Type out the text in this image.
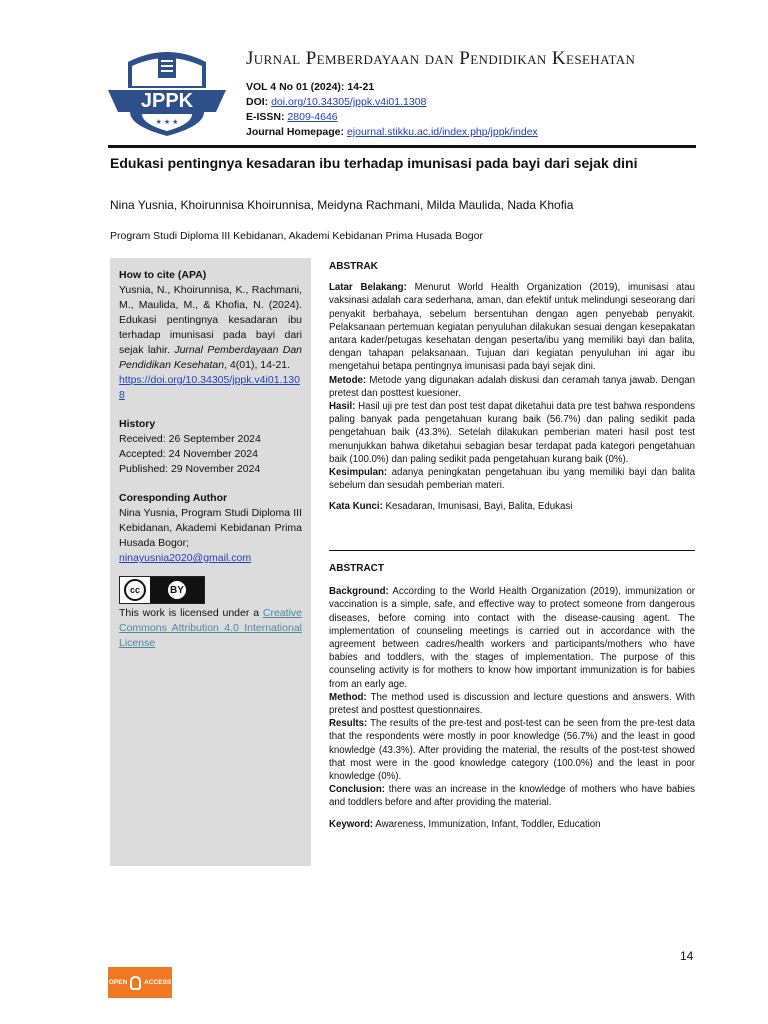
JPPK
★ ★ ★
Jurnal Pemberdayaan dan Pendidikan Kesehatan
VOL 4 No 01 (2024): 14-21
DOI: doi.org/10.34305/jppk.v4i01.1308
E-ISSN: 2809-4646
Journal Homepage: ejournal.stikku.ac.id/index.php/jppk/index
Edukasi pentingnya kesadaran ibu terhadap imunisasi pada bayi dari sejak dini
Nina Yusnia, Khoirunnisa Khoirunnisa, Meidyna Rachmani, Milda Maulida, Nada Khofia
Program Studi Diploma III Kebidanan, Akademi Kebidanan Prima Husada Bogor
How to cite (APA)
Yusnia, N., Khoirunnisa, K., Rachmani, M., Maulida, M., & Khofia, N. (2024). Edukasi pentingnya kesadaran ibu terhadap imunisasi pada bayi dari sejak lahir. Jurnal Pemberdayaan Dan Pendidikan Kesehatan, 4(01), 14-21.
https://doi.org/10.34305/jppk.v4i01.1308
History
Received: 26 September 2024
Accepted: 24 November 2024
Published: 29 November 2024
Coresponding Author
Nina Yusnia, Program Studi Diploma III Kebidanan, Akademi Kebidanan Prima Husada Bogor;
ninayusnia2020@gmail.com
cc	BY
This work is licensed under a Creative Commons Attribution 4.0 International License
ABSTRAK

Latar Belakang: Menurut World Health Organization (2019), imunisasi atau vaksinasi adalah cara sederhana, aman, dan efektif untuk melindungi seseorang dari penyakit berbahaya, sebelum bersentuhan dengan agen penyebab penyakit. Pelaksanaan pertemuan kegiatan penyuluhan dilakukan sesuai dengan kesepakatan antara kader/petugas kesehatan dengan peserta/ibu yang memiliki bayi dan balita, dengan tahapan pelaksanaan. Tujuan dari kegiatan penyuluhan ini agar ibu mengetahui betapa pentingnya imunisasi pada bayi sejak dini.

Metode: Metode yang digunakan adalah diskusi dan ceramah tanya jawab. Dengan pretest dan posttest kuesioner.

Hasil: Hasil uji pre test dan post test dapat diketahui data pre test bahwa respondens paling banyak pada pengetahuan kurang baik (56.7%) dan paling sedikit pada pengetahuan baik (43.3%). Setelah dilakukan pemberian materi hasil post test menunjukkan bahwa diketahui sebagian besar terdapat pada kategori pengetahuan baik (100.0%) dan paling sedikit pada pengetahuan kurang baik (0%).

Kesimpulan: adanya peningkatan pengetahuan ibu yang memiliki bayi dan balita sebelum dan sesudah pemberian materi.

Kata Kunci: Kesadaran, Imunisasi, Bayi, Balita, Edukasi

ABSTRACT

Background: According to the World Health Organization (2019), immunization or vaccination is a simple, safe, and effective way to protect someone from dangerous diseases, before coming into contact with the disease-causing agent. The implementation of counseling meetings is carried out in accordance with the agreement between cadres/health workers and participants/mothers who have babies and toddlers, with the stages of implementation. The purpose of this counseling activity is for mothers to know how important immunization is for babies from an early age.

Method: The method used is discussion and lecture questions and answers. With pretest and posttest questionnaires.

Results: The results of the pre-test and post-test can be seen from the pre-test data that the respondents were mostly in poor knowledge (56.7%) and the least in good knowledge (43.3%). After providing the material, the results of the post-test showed that most were in the good knowledge category (100.0%) and the least in poor knowledge (0%).

Conclusion: there was an increase in the knowledge of mothers who have babies and toddlers before and after providing the material.

Keyword: Awareness, Immunization, Infant, Toddler, Education

14
OPEN	ACCESS
